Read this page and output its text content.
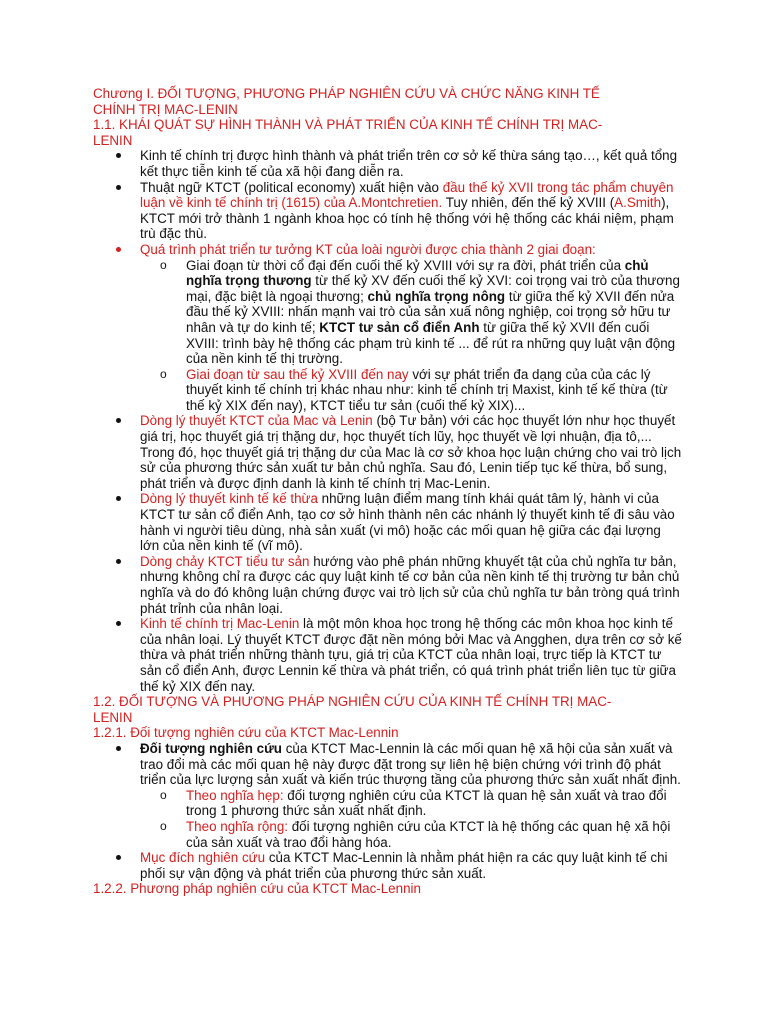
Chương I. ĐỐI TƯỢNG, PHƯƠNG PHÁP NGHIÊN CỨU VÀ CHỨC NĂNG KINH TẾ
CHÍNH TRỊ MAC-LENIN
1.1. KHÁI QUÁT SỰ HÌNH THÀNH VÀ PHÁT TRIỂN CỦA KINH TẾ CHÍNH TRỊ MAC-
LENIN
Kinh tế chính trị được hình thành và phát triển trên cơ sở kế thừa sáng tạo…, kết quả tổng kết thực tiễn kinh tế của xã hội đang diễn ra.
Thuật ngữ KTCT (political economy) xuất hiện vào đầu thế kỷ XVII trong tác phẩm chuyên luận về kinh tế chính trị (1615) của A.Montchretien. Tuy nhiên, đến thế kỷ XVIII (A.Smith), KTCT mới trở thành 1 ngành khoa học có tính hệ thống với hệ thống các khái niệm, phạm trù đặc thù.
Quá trình phát triển tư tưởng KT của loài người được chia thành 2 giai đoạn:
o Giai đoạn từ thời cổ đại đến cuối thế kỷ XVIII với sự ra đời, phát triển của chủ nghĩa trọng thương từ thế kỷ XV đến cuối thế kỷ XVI: coi trọng vai trò của thương mại, đặc biệt là ngoại thương; chủ nghĩa trọng nông từ giữa thế kỷ XVII đến nửa đầu thế kỷ XVIII: nhấn mạnh vai trò của sản xuấ nông nghiệp, coi trọng sở hữu tư nhân và tự do kinh tế; KTCT tư sản cổ điển Anh từ giữa thế kỷ XVII đến cuối XVIII: trình bày hệ thống các phạm trù kinh tế ... để rút ra những quy luật vận động của nền kinh tế thị trường.
o Giai đoạn từ sau thế kỷ XVIII đến nay với sự phát triển đa dạng của của các lý thuyết kinh tế chính trị khác nhau như: kinh tế chính trị Maxist, kinh tế kế thừa (từ thế kỷ XIX đến nay), KTCT tiểu tư sản (cuối thế kỷ XIX)...
Dòng lý thuyết KTCT của Mac và Lenin (bộ Tư bản) với các học thuyết lớn như học thuyết giá trị, học thuyết giá trị thặng dư, học thuyết tích lũy, học thuyết về lợi nhuận, địa tô,... Trong đó, học thuyết giá trị thặng dư của Mac là cơ sở khoa học luận chứng cho vai trò lịch sử của phương thức sản xuất tư bản chủ nghĩa. Sau đó, Lenin tiếp tục kế thừa, bổ sung, phát triển và được định danh là kinh tế chính trị Mac-Lenin.
Dòng lý thuyết kinh tế kế thừa những luận điểm mang tính khái quát tâm lý, hành vi của KTCT tư sản cổ điển Anh, tạo cơ sở hình thành nên các nhánh lý thuyết kinh tế đi sâu vào hành vi người tiêu dùng, nhà sản xuất (vi mô) hoặc các mối quan hệ giữa các đại lượng lớn của nền kinh tế (vĩ mô).
Dòng chảy KTCT tiểu tư sản hướng vào phê phán những khuyết tật của chủ nghĩa tư bản, nhưng không chỉ ra được các quy luật kinh tế cơ bản của nền kinh tế thị trường tư bản chủ nghĩa và do đó không luận chứng được vai trò lịch sử của chủ nghĩa tư bản tròng quá trình phát trỉnh của nhân loại.
Kinh tế chính trị Mac-Lenin là một môn khoa học trong hệ thống các môn khoa học kinh tế của nhân loại. Lý thuyết KTCT được đặt nền móng bởi Mac và Angghen, dựa trên cơ sở kế thừa và phát triển những thành tựu, giá trị của KTCT của nhân loại, trực tiếp là KTCT tư sản cổ điển Anh, được Lennin kế thừa và phát triển, có quá trình phát triển liên tục từ giữa thế kỷ XIX đến nay.
1.2. ĐỐI TƯỢNG VÀ PHƯƠNG PHÁP NGHIÊN CỨU CỦA KINH TẾ CHÍNH TRỊ MAC-
LENIN
1.2.1. Đối tượng nghiên cứu của KTCT Mac-Lennin
Đối tượng nghiên cứu của KTCT Mac-Lennin là các mối quan hệ xã hội của sản xuất và trao đổi mà các mối quan hệ này được đặt trong sự liên hệ biện chứng với trình độ phát triển của lực lượng sản xuất và kiến trúc thượng tầng của phương thức sản xuất nhất định.
o Theo nghĩa hẹp: đối tượng nghiên cứu của KTCT là quan hệ sản xuất và trao đổi trong 1 phương thức sản xuất nhất định.
o Theo nghĩa rộng: đối tượng nghiên cứu của KTCT là hệ thống các quan hệ xã hội của sản xuất và trao đổi hàng hóa.
Mục đích nghiên cứu của KTCT Mac-Lennin là nhằm phát hiện ra các quy luật kinh tế chi phối sự vận động và phát triển của phương thức sản xuất.
1.2.2. Phương pháp nghiên cứu của KTCT Mac-Lennin
